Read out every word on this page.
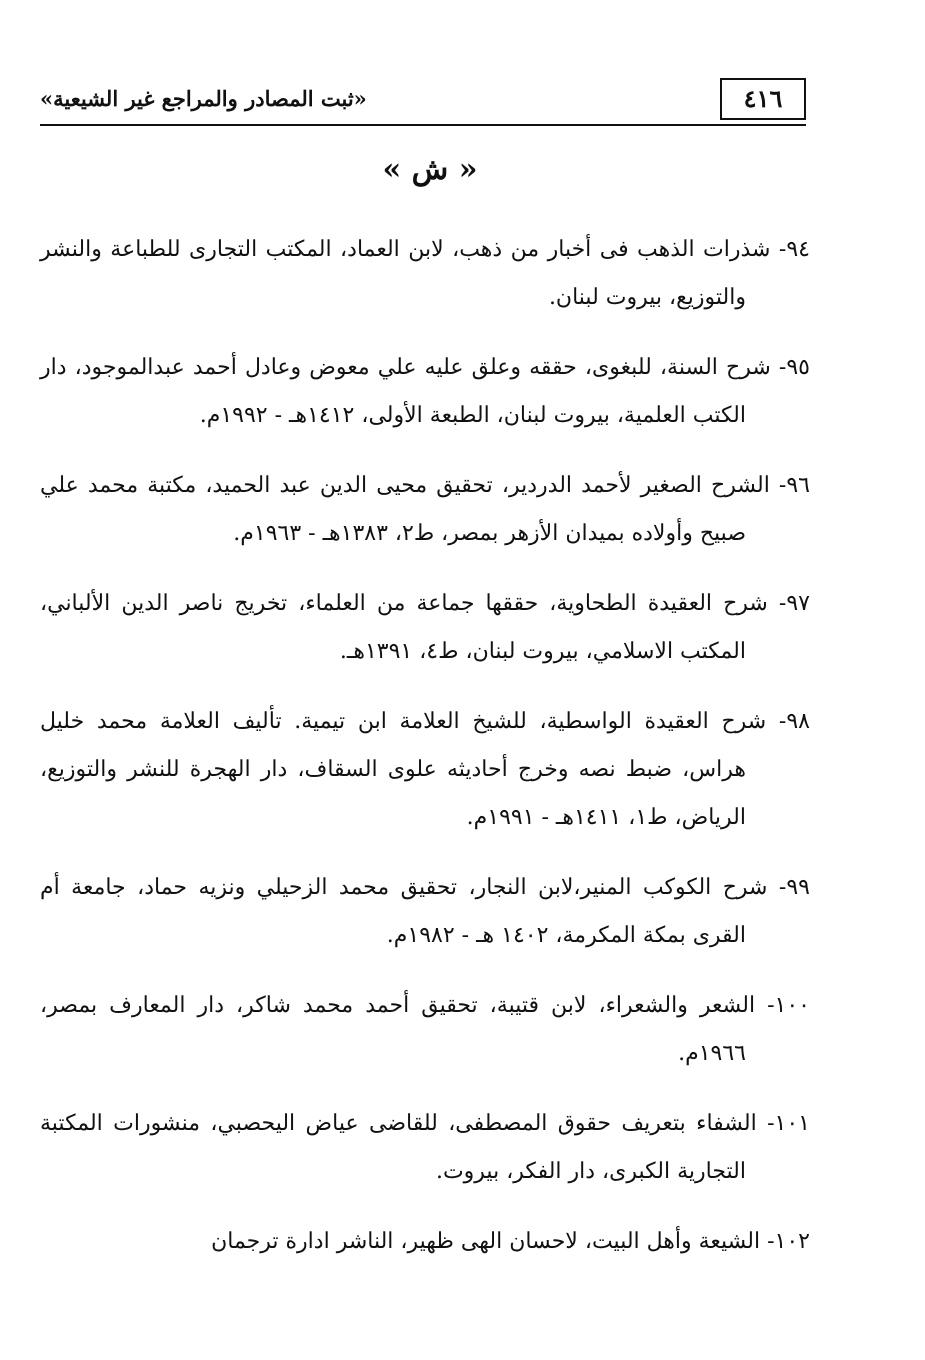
«ثبت المصادر والمراجع غير الشيعية»	٤١٦
« ش »

٩٤- شذرات الذهب فى أخبار من ذهب، لابن العماد، المكتب التجارى للطباعة والنشر والتوزيع، بيروت لبنان.

٩٥- شرح السنة، للبغوى، حققه وعلق عليه علي معوض وعادل أحمد عبدالموجود، دار الكتب العلمية، بيروت لبنان، الطبعة الأولى، ١٤١٢هـ - ١٩٩٢م.

٩٦- الشرح الصغير لأحمد الدردير، تحقيق محيى الدين عبد الحميد، مكتبة محمد علي صبيح وأولاده بميدان الأزهر بمصر، ط٢، ١٣٨٣هـ - ١٩٦٣م.

٩٧- شرح العقيدة الطحاوية، حققها جماعة من العلماء، تخريج ناصر الدين الألباني، المكتب الاسلامي، بيروت لبنان، ط٤، ١٣٩١هـ.

٩٨- شرح العقيدة الواسطية، للشيخ العلامة ابن تيمية. تأليف العلامة محمد خليل هراس، ضبط نصه وخرج أحاديثه علوى السقاف، دار الهجرة للنشر والتوزيع، الرياض، ط١، ١٤١١هـ - ١٩٩١م.

٩٩- شرح الكوكب المنير،لابن النجار، تحقيق محمد الزحيلي ونزيه حماد، جامعة أم القرى بمكة المكرمة، ١٤٠٢ هـ - ١٩٨٢م.

١٠٠- الشعر والشعراء، لابن قتيبة، تحقيق أحمد محمد شاكر، دار المعارف بمصر، ١٩٦٦م.

١٠١- الشفاء بتعريف حقوق المصطفى، للقاضى عياض اليحصبي، منشورات المكتبة التجارية الكبرى، دار الفكر، بيروت.

١٠٢- الشيعة وأهل البيت، لاحسان الهى ظهير، الناشر ادارة ترجمان
